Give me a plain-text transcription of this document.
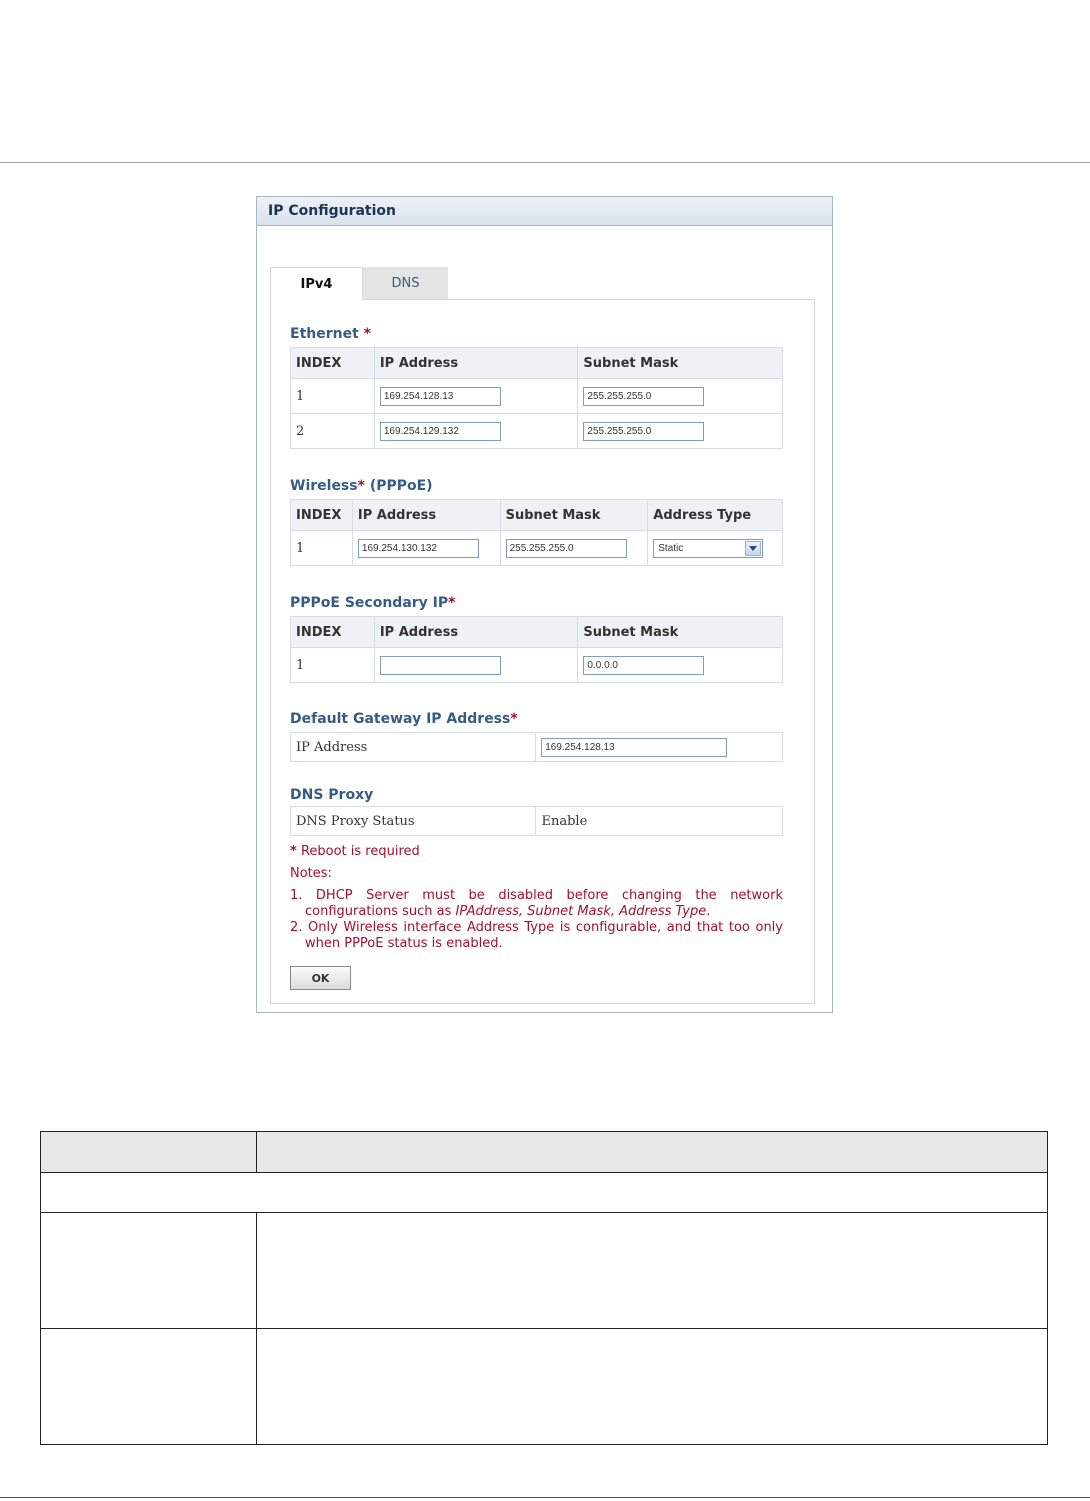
IP Configuration
IPv4	DNS
Ethernet *
INDEX	IP Address	Subnet Mask
1	169.254.128.13	255.255.255.0
2	169.254.129.132	255.255.255.0
Wireless* (PPPoE)
INDEX	IP Address	Subnet Mask	Address Type
1	169.254.130.132	255.255.255.0	Static
PPPoE Secondary IP*
INDEX	IP Address	Subnet Mask
1		0.0.0.0
Default Gateway IP Address*
IP Address	169.254.128.13
DNS Proxy
DNS Proxy Status	Enable
* Reboot is required
Notes:
1. DHCP Server must be disabled before changing the network configurations such as IPAddress, Subnet Mask, Address Type.
2. Only Wireless interface Address Type is configurable, and that too only when PPPoE status is enabled.
OK
